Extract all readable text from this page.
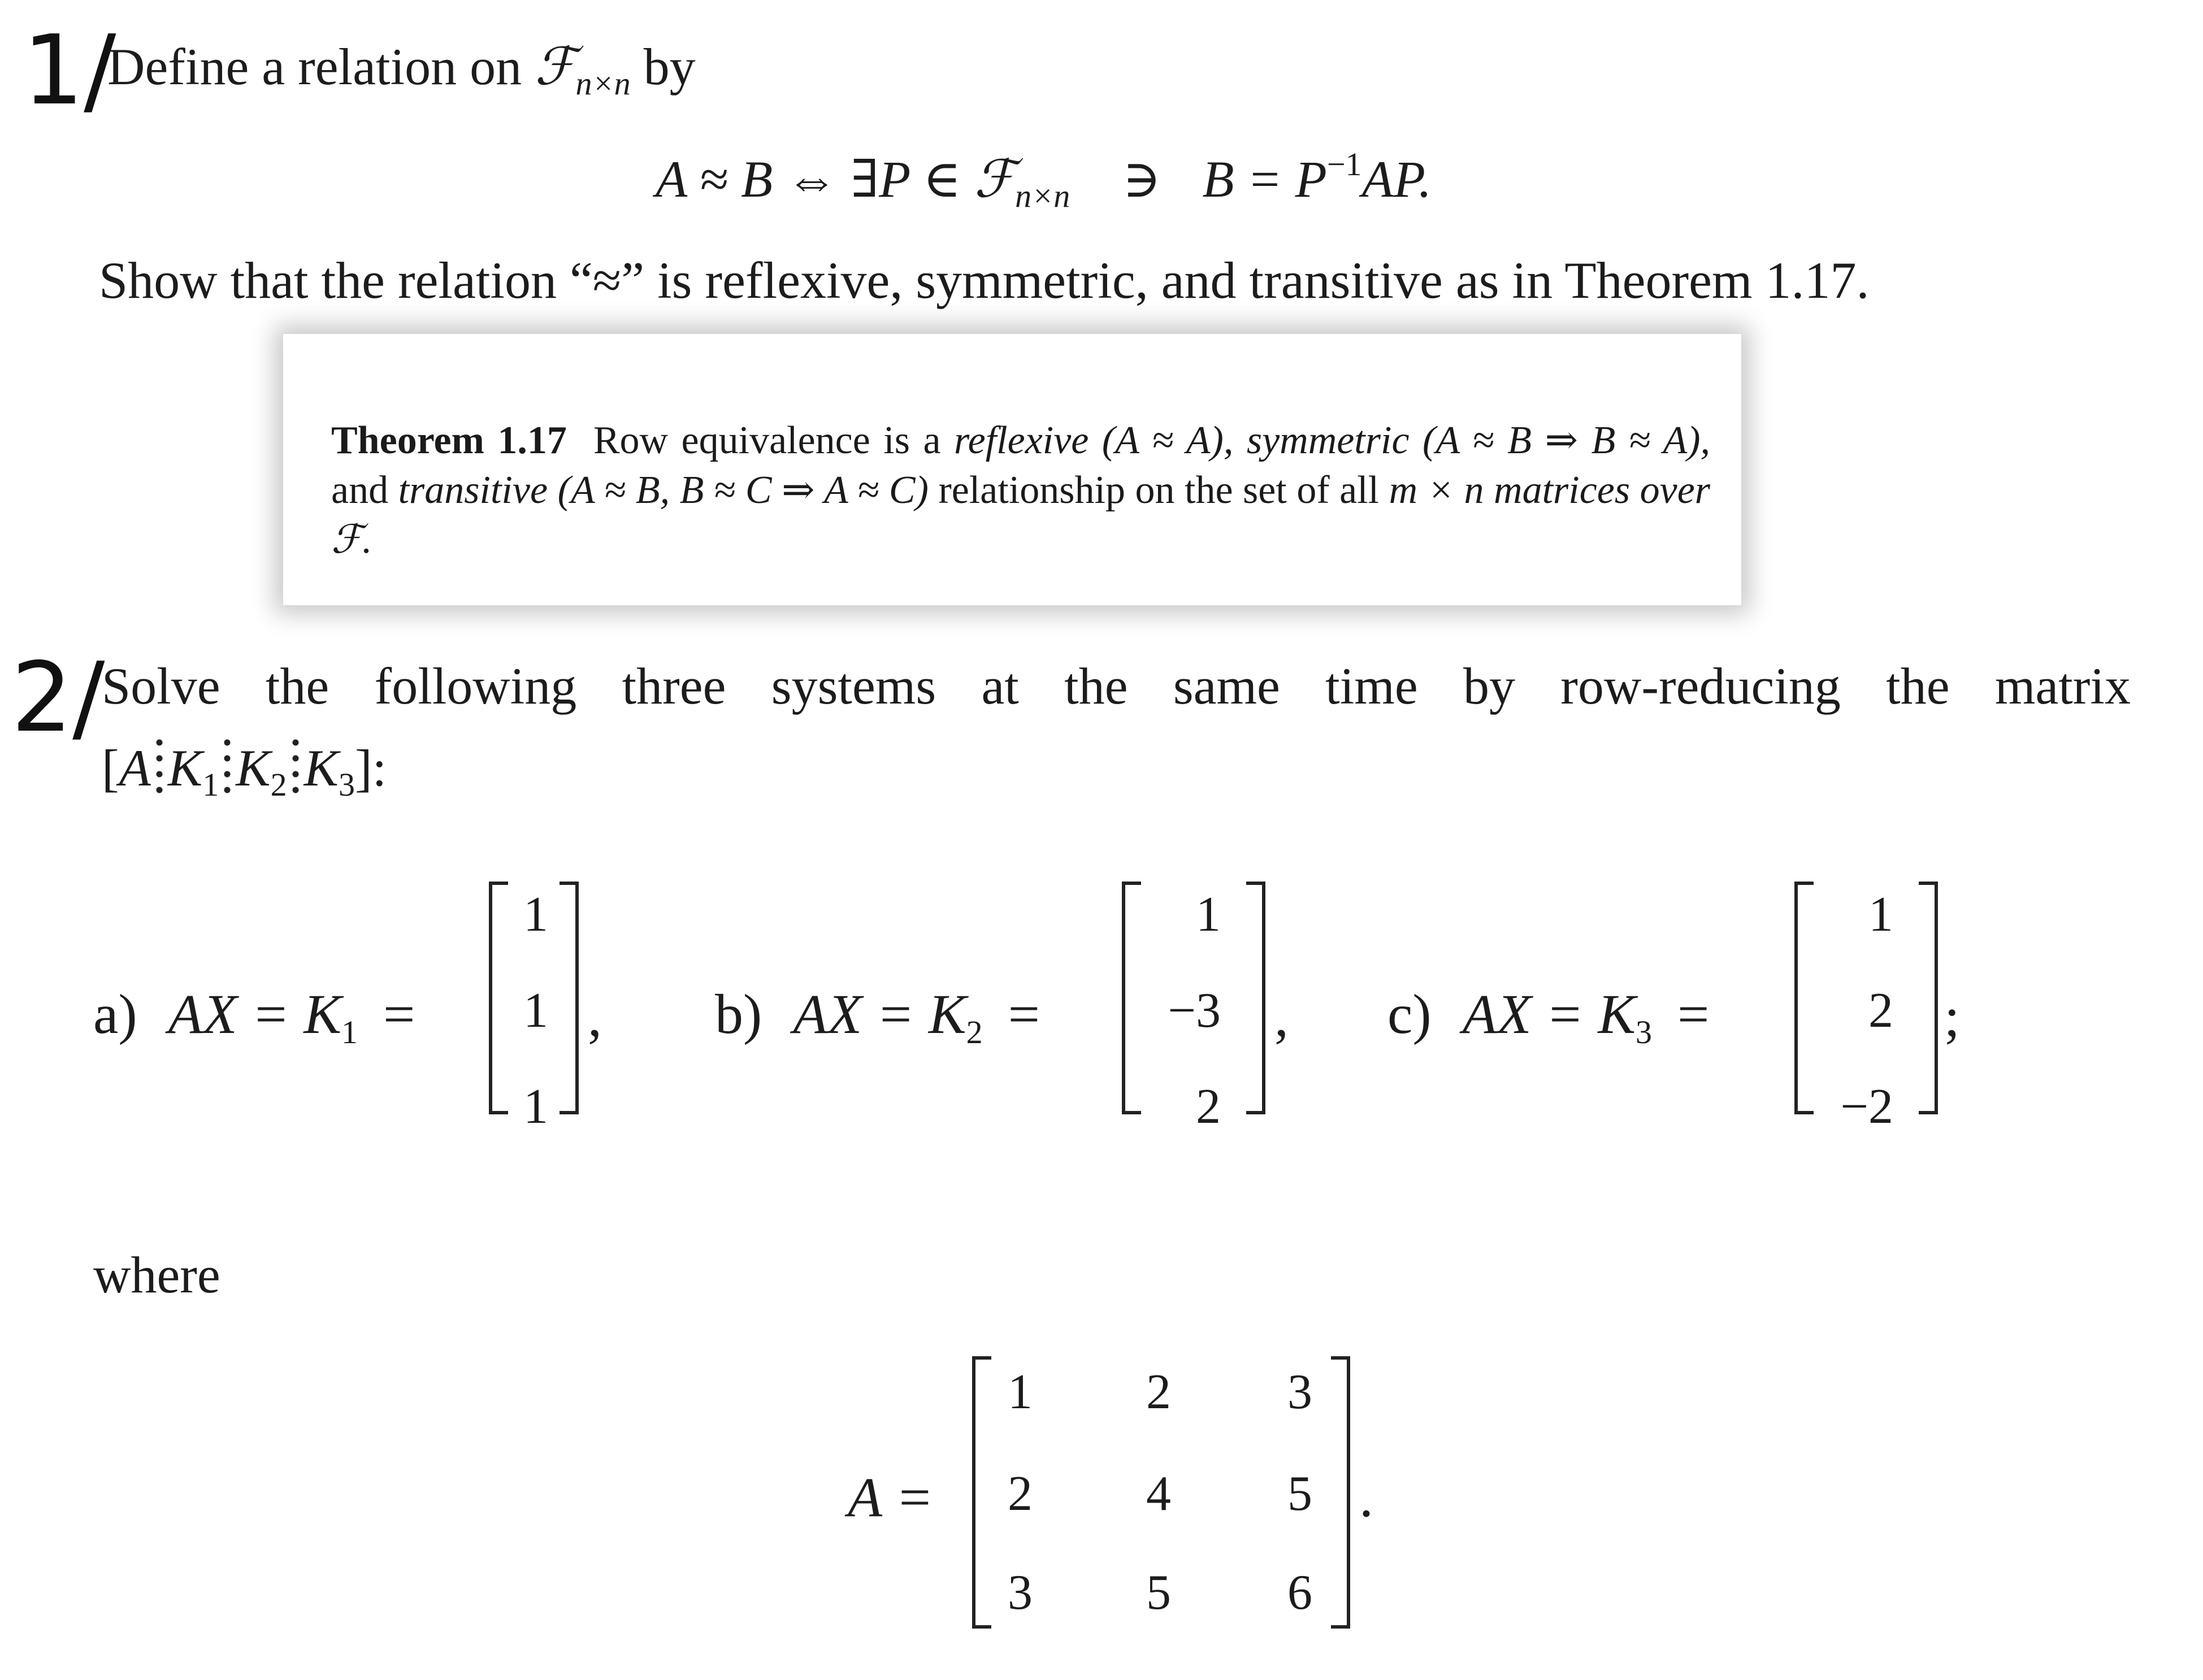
1/
Define a relation on ℱ$_{n\times n}$ by
A ≈ B ⇔ ∃P ∈ ℱ$_{n\times n}$ ∋ $B = P^{-1}AP$.
Show that the relation “≈” is reflexive, symmetric, and transitive as in Theorem 1.17.
Theorem 1.17 Row equivalence is a reflexive (A ≈ A), symmetric (A ≈ B ⇒ B ≈ A), and transitive (A ≈ B, B ≈ C ⇒ A ≈ C) relationship on the set of all m × n matrices over ℱ.
2/
Solve the following three systems at the same time by row-reducing the matrix
[A $K_1$ $K_2$ $K_3$]:
a) AX = $K_1$ =
1
1
1
, b) AX = $K_2$ =
1
−3
2
, c) AX = $K_3$ =
1
2
−2
;
where
A =
1	2	3
2	4	5
3	5	6
.
